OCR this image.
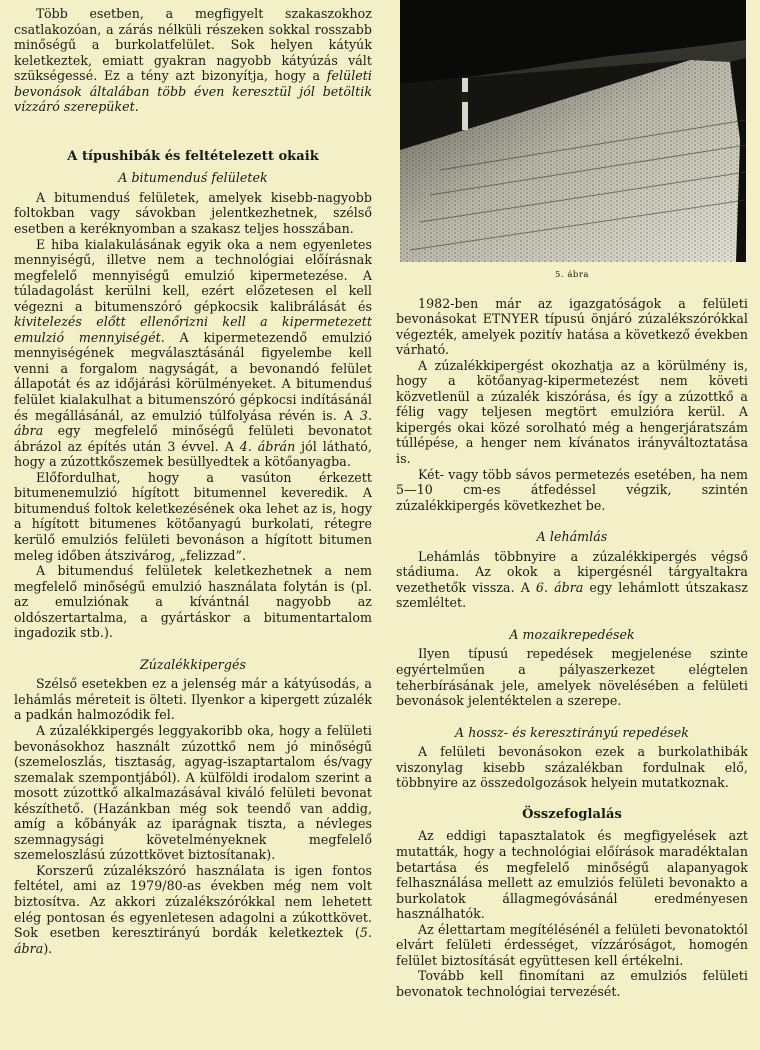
Több esetben, a megfigyelt szakaszokhoz csatlakozóan, a zárás nélküli részeken sokkal rosszabb minőségű a burkolatfelület. Sok helyen kátyúk keletkeztek, emiatt gyakran nagyobb kátyúzás vált szükségessé. Ez a tény azt bizonyítja, hogy a felületi bevonások általában több éven keresztül jól betöltik vízzáró szerepüket.

A típushibák és feltételezett okaik
A bitumenduś felületek

A bitumenduś felületek, amelyek kisebb-nagyobb foltokban vagy sávokban jelentkezhetnek, szélső esetben a keréknyomban a szakasz teljes hosszában.

E hiba kialakulásának egyik oka a nem egyenletes mennyiségű, illetve nem a technológiai előírásnak megfelelő mennyiségű emulzió kipermetezése. A túladagolást kerülni kell, ezért előzetesen el kell végezni a bitumenszóró gépkocsik kalibrálását és kivitelezés előtt ellenőrizni kell a kipermetezett emulzió mennyiségét. A kipermetezendő emulzió mennyiségének megválasztásánál figyelembe kell venni a forgalom nagyságát, a bevonandó felület állapotát és az időjárási körülményeket. A bitumenduś felület kialakulhat a bitumenszóró gépkocsi indításánál és megállásánál, az emulzió túlfolyása révén is. A 3. ábra egy megfelelő minőségű felületi bevonatot ábrázol az építés után 3 évvel. A 4. ábrán jól látható, hogy a zúzottkőszemek besüllyedtek a kötőanyagba.

Előfordulhat, hogy a vasúton érkezett bitumenemulzió hígított bitumennel keveredik. A bitumenduś foltok keletkezésének oka lehet az is, hogy a hígított bitumenes kötőanyagú burkolati, rétegre kerülő emulziós felületi bevonáson a hígított bitumen meleg időben átszivárog, „felizzad”.

A bitumenduś felületek keletkezhetnek a nem megfelelő minőségű emulzió használata folytán is (pl. az emulziónak a kívántnál nagyobb az oldószertartalma, a gyártáskor a bitumentartalom ingadozik stb.).

Zúzalékkipergés

Szélső esetekben ez a jelenség már a kátyúsodás, a lehámlás méreteit is ölteti. Ilyenkor a kipergett zúzalék a padkán halmozódik fel.

A zúzalékkipergés leggyakoribb oka, hogy a felületi bevonásokhoz használt zúzottkő nem jó minőségű (szemeloszlás, tisztaság, agyag-iszaptartalom és/vagy szemalak szempontjából). A külföldi irodalom szerint a mosott zúzottkő alkalmazásával kiváló felületi bevonat készíthető. (Hazánkban még sok teendő van addig, amíg a kőbányák az iparágnak tiszta, a névleges szemnagysági követelményeknek megfelelő szemeloszlású zúzottkövet biztosítanak).

Korszerű zúzalékszóró használata is igen fontos feltétel, ami az 1979/80-as években még nem volt biztosítva. Az akkori zúzalékszórókkal nem lehetett elég pontosan és egyenletesen adagolni a zúkottkövet. Sok esetben keresztirányú bordák keletkeztek (5. ábra).

5. ábra

1982-ben már az igazgatóságok a felületi bevonásokat ETNYER típusú önjáró zúzalékszórókkal végezték, amelyek pozitív hatása a következő években várható.

A zúzalékkipergést okozhatja az a körülmény is, hogy a kötőanyag-kipermetezést nem követi közvetlenül a zúzalék kiszórása, és így a zúzottkő a félig vagy teljesen megtört emulzióra kerül. A kipergés okai közé sorolható még a hengerjáratszám túllépése, a henger nem kívánatos irányváltoztatása is.

Két- vagy több sávos permetezés esetében, ha nem 5—10 cm-es átfedéssel végzik, szintén zúzalékkipergés következhet be.

A lehámlás

Lehámlás többnyire a zúzalékkipergés végső stádiuma. Az okok a kipergésnél tárgyaltakra vezethetők vissza. A 6. ábra egy lehámlott útszakasz szemléltet.

A mozaikrepedések

Ilyen típusú repedések megjelenése szinte egyértelműen a pályaszerkezet elégtelen teherbírásának jele, amelyek növelésében a felületi bevonások jelentéktelen a szerepe.

A hossz- és keresztirányú repedések

A felületi bevonásokon ezek a burkolathibák viszonylag kisebb százalékban fordulnak elő, többnyire az összedolgozások helyein mutatkoznak.

Összefoglalás

Az eddigi tapasztalatok és megfigyelések azt mutatták, hogy a technológiai előírások maradéktalan betartása és megfelelő minőségű alapanyagok felhasználása mellett az emulziós felületi bevonakto a burkolatok állagmegóvásánál eredményesen használhatók.

Az élettartam megítélésénél a felületi bevonatoktól elvárt felületi érdességet, vízzáróságot, homogén felület biztosítását együttesen kell értékelni.

Tovább kell finomítani az emulziós felületi bevonatok technológiai tervezését.
